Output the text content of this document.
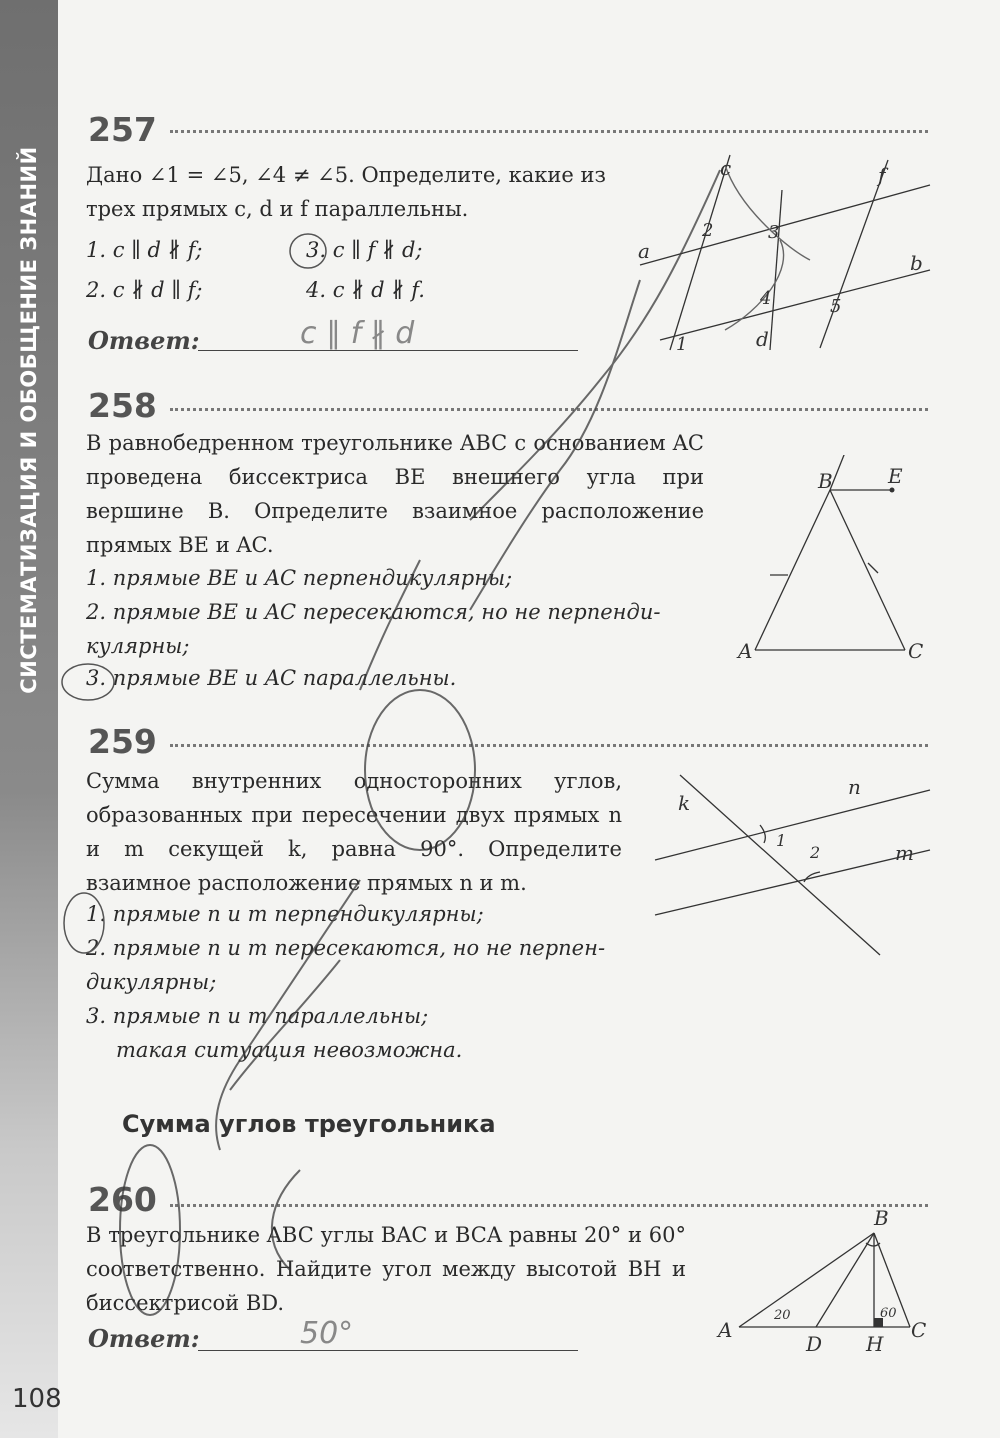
СИСТЕМАТИЗАЦИЯ И ОБОБЩЕНИЕ ЗНАНИЙ
108
257
Дано ∠1 = ∠5, ∠4 ≠ ∠5. Определите, какие из трех прямых c, d и f параллельны.
1. c ∥ d ∦ f;	3. c ∥ f ∦ d;
2. c ∦ d ∥ f;	4. c ∦ d ∦ f.
Ответ:	c ∥ f ∦ d
c	f
a	b
d
1
2	3
4	5
258
В равнобедренном треугольнике ABC с основанием AC проведена биссектриса BE внешнего угла при вершине B. Определите взаимное расположение прямых BE и AC.
1. прямые BE и AC перпендикулярны;
2. прямые BE и AC пересекаются, но не перпенди-
кулярны;
3. прямые BE и AC параллельны.
B	E
A	C
259
Сумма внутренних односторонних углов, образованных при пересечении двух прямых n и m секущей k, равна 90°. Определите взаимное расположение прямых n и m.
1. прямые n и m перпендикулярны;
2. прямые n и m пересекаются, но не перпен-
дикулярны;
3. прямые n и m параллельны;
такая ситуация невозможна.
k
n
m
1
2
Сумма углов треугольника
260
В треугольнике ABC углы BAC и BCA равны 20° и 60° соответственно. Найдите угол между высотой BH и биссектрисой BD.
Ответ:	50°
B
A
D H
C
20	60
